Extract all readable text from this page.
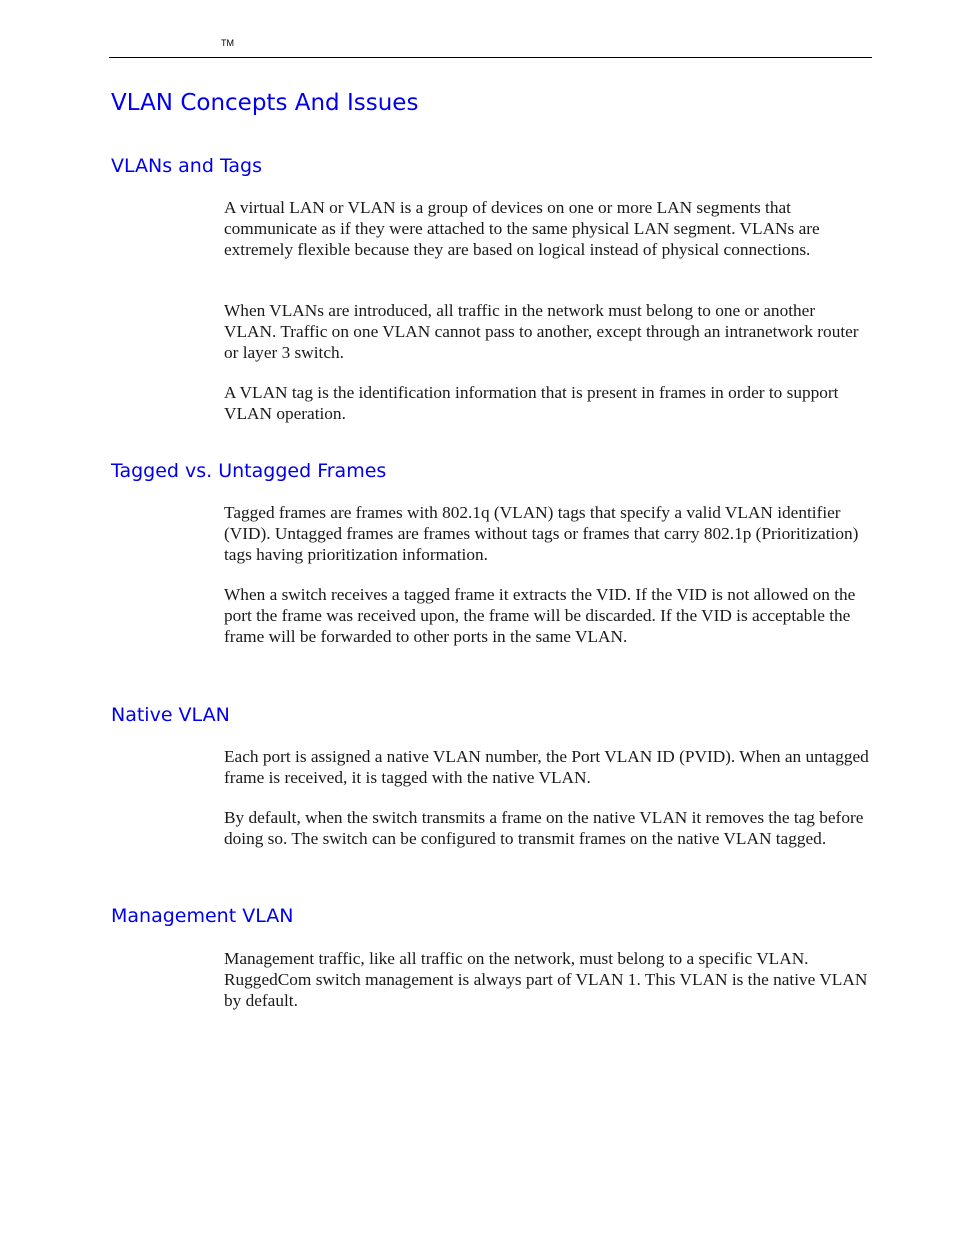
TM
VLAN Concepts And Issues
VLANs and Tags

A virtual LAN or VLAN is a group of devices on one or more LAN segments that communicate as if they were attached to the same physical LAN segment. VLANs are extremely flexible because they are based on logical instead of physical connections.

When VLANs are introduced, all traffic in the network must belong to one or another VLAN. Traffic on one VLAN cannot pass to another, except through an intranetwork router or layer 3 switch.

A VLAN tag is the identification information that is present in frames in order to support VLAN operation.

Tagged vs. Untagged Frames

Tagged frames are frames with 802.1q (VLAN) tags that specify a valid VLAN identifier (VID). Untagged frames are frames without tags or frames that carry 802.1p (Prioritization) tags having prioritization information.

When a switch receives a tagged frame it extracts the VID. If the VID is not allowed on the port the frame was received upon, the frame will be discarded. If the VID is acceptable the frame will be forwarded to other ports in the same VLAN.

Native VLAN

Each port is assigned a native VLAN number, the Port VLAN ID (PVID). When an untagged frame is received, it is tagged with the native VLAN.

By default, when the switch transmits a frame on the native VLAN it removes the tag before doing so. The switch can be configured to transmit frames on the native VLAN tagged.

Management VLAN

Management traffic, like all traffic on the network, must belong to a specific VLAN. RuggedCom switch management is always part of VLAN 1. This VLAN is the native VLAN by default.
